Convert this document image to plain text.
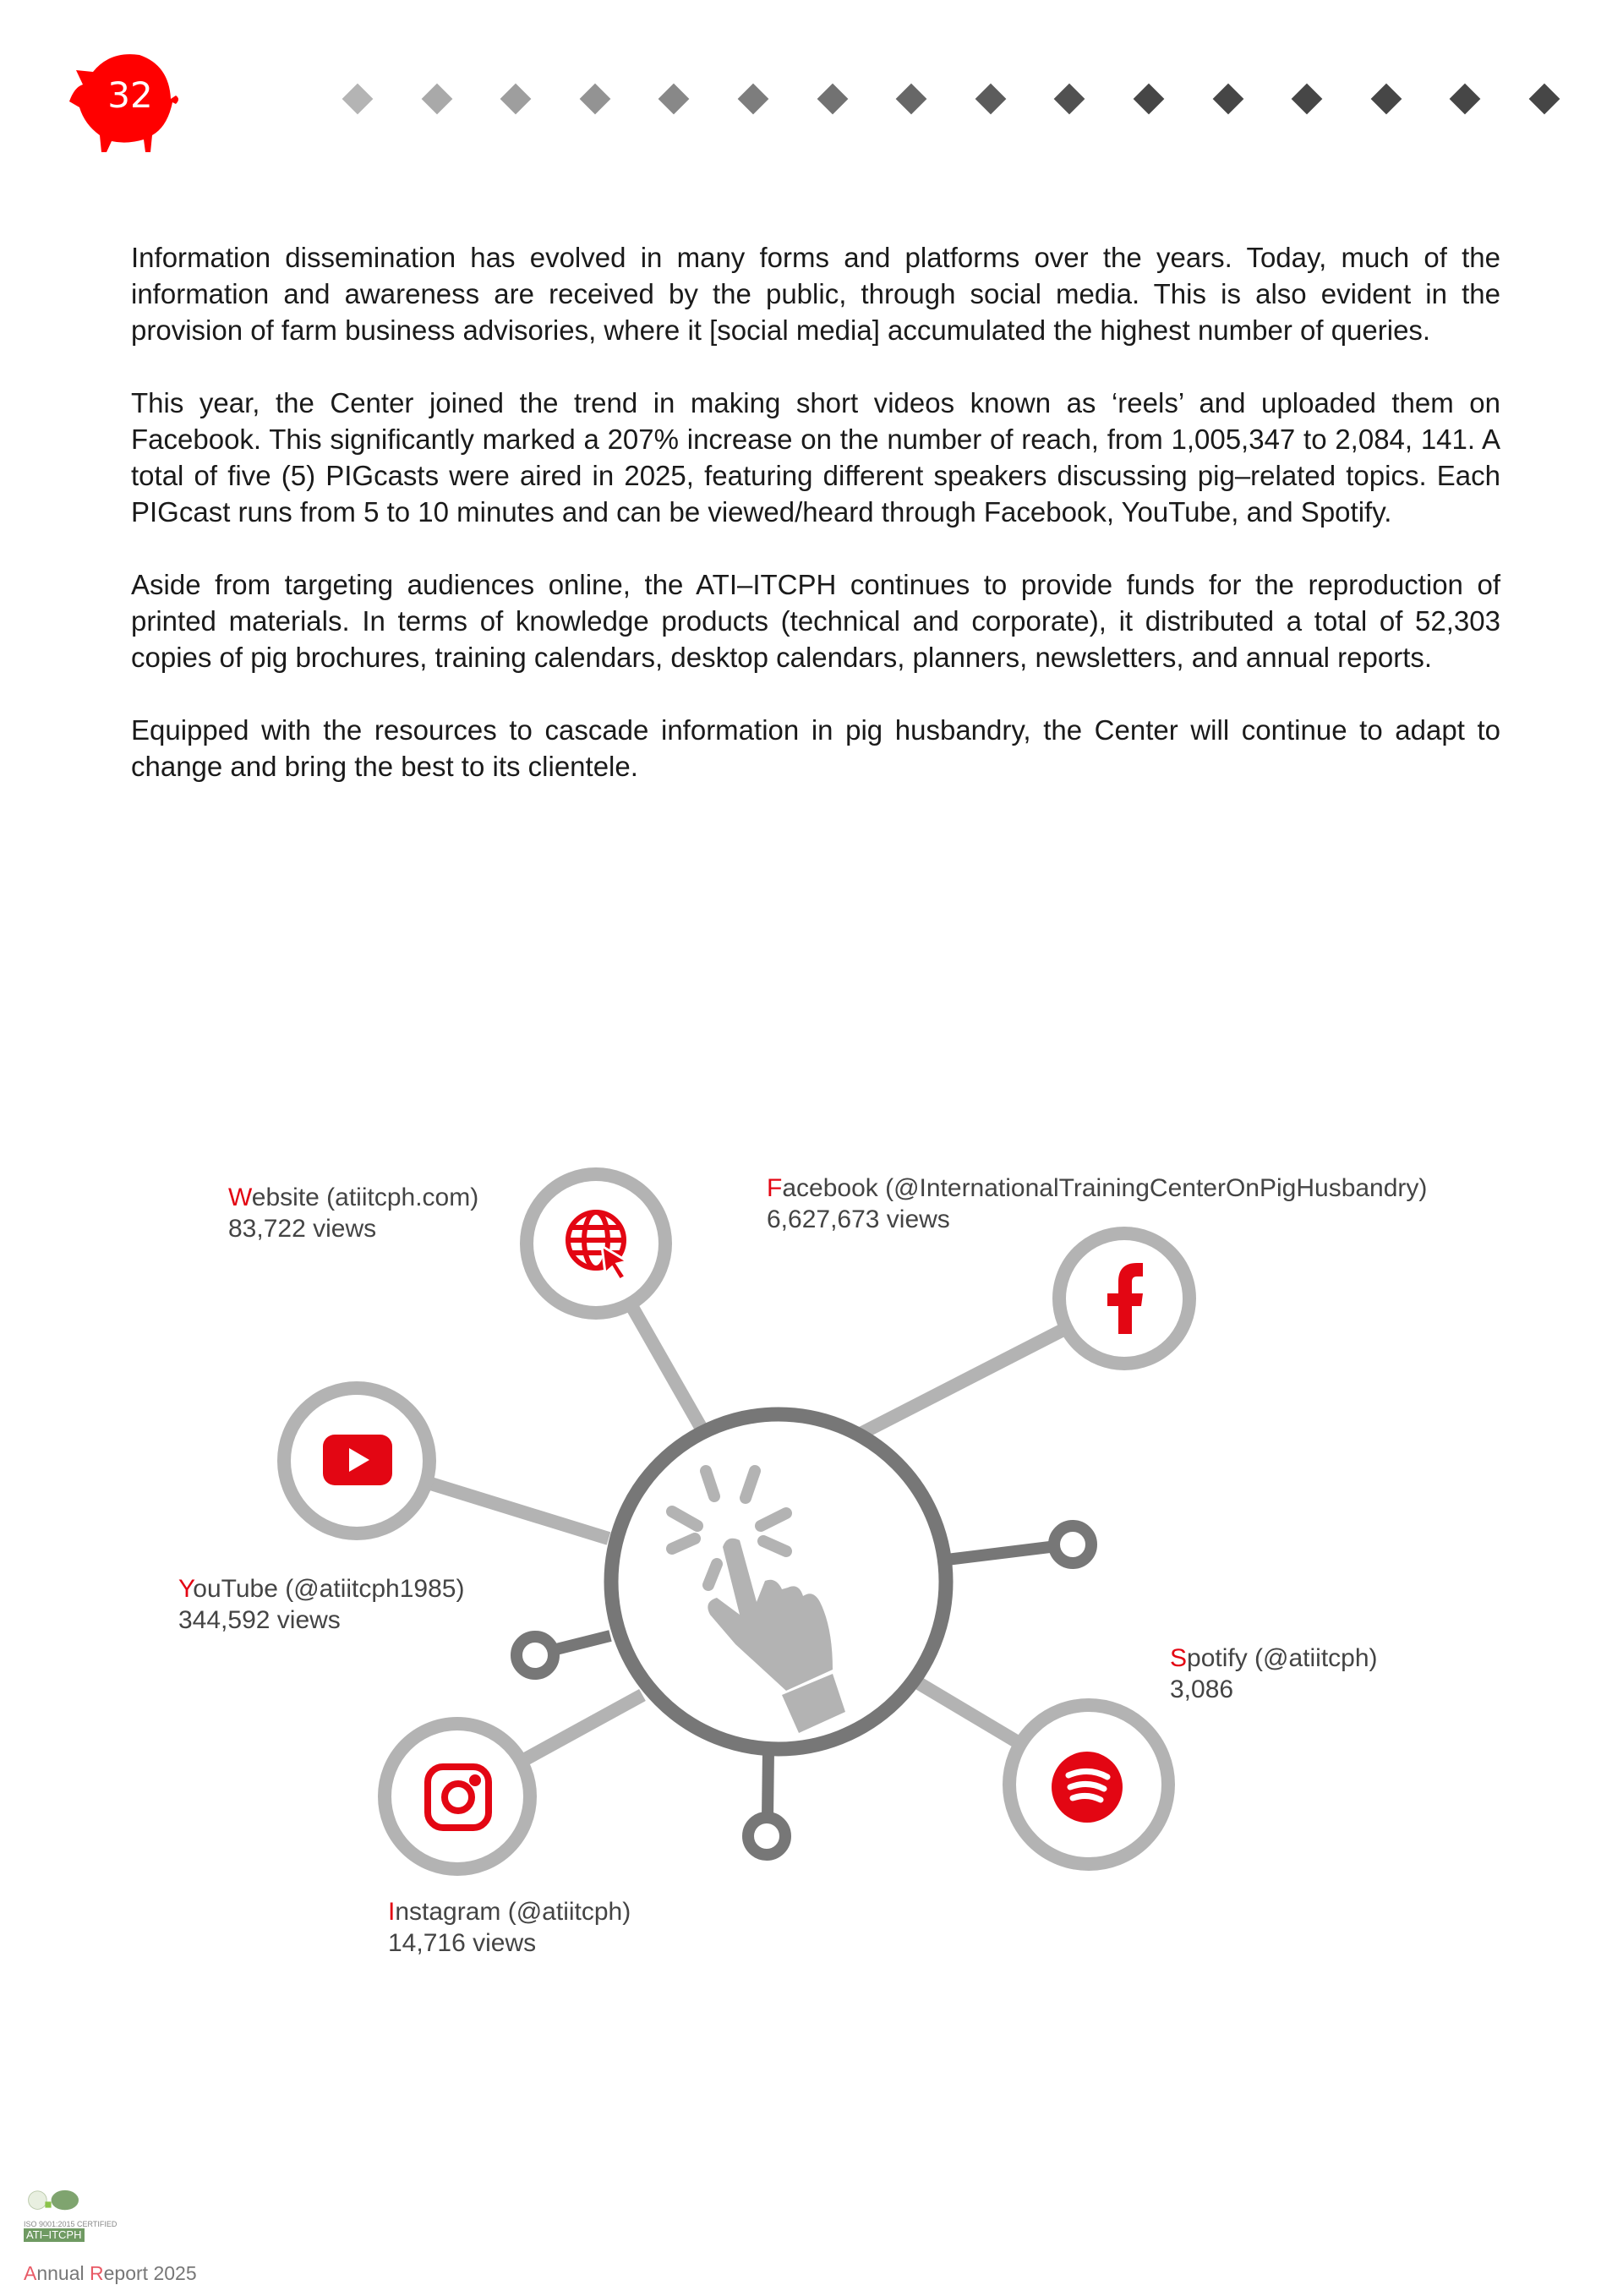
32

Information dissemination has evolved in many forms and platforms over the years. Today, much of the information and awareness are received by the public, through social media. This is also evident in the provision of farm business advisories, where it [social media] accumulated the highest number of queries.

This year, the Center joined the trend in making short videos known as ‘reels’ and uploaded them on Facebook. This significantly marked a 207% increase on the number of reach, from 1,005,347 to 2,084, 141. A total of five (5) PIGcasts were aired in 2025, featuring different speakers discussing pig–related topics. Each PIGcast runs from 5 to 10 minutes and can be viewed/heard through Facebook, YouTube, and Spotify.

Aside from targeting audiences online, the ATI–ITCPH continues to provide funds for the reproduction of printed materials. In terms of knowledge products (technical and corporate), it distributed a total of 52,303 copies of pig brochures, training calendars, desktop calendars, planners, newsletters, and annual reports.

Equipped with the resources to cascade information in pig husbandry, the Center will continue to adapt to change and bring the best to its clientele.

Website (atiitcph.com)
83,722 views
Facebook (@InternationalTrainingCenterOnPigHusbandry)
6,627,673 views
YouTube (@atiitcph1985)
344,592 views
Spotify (@atiitcph)
3,086
Instagram (@atiitcph)
14,716 views
ISO 9001:2015 CERTIFIED
ATI–ITCPH
Annual Report 2025
